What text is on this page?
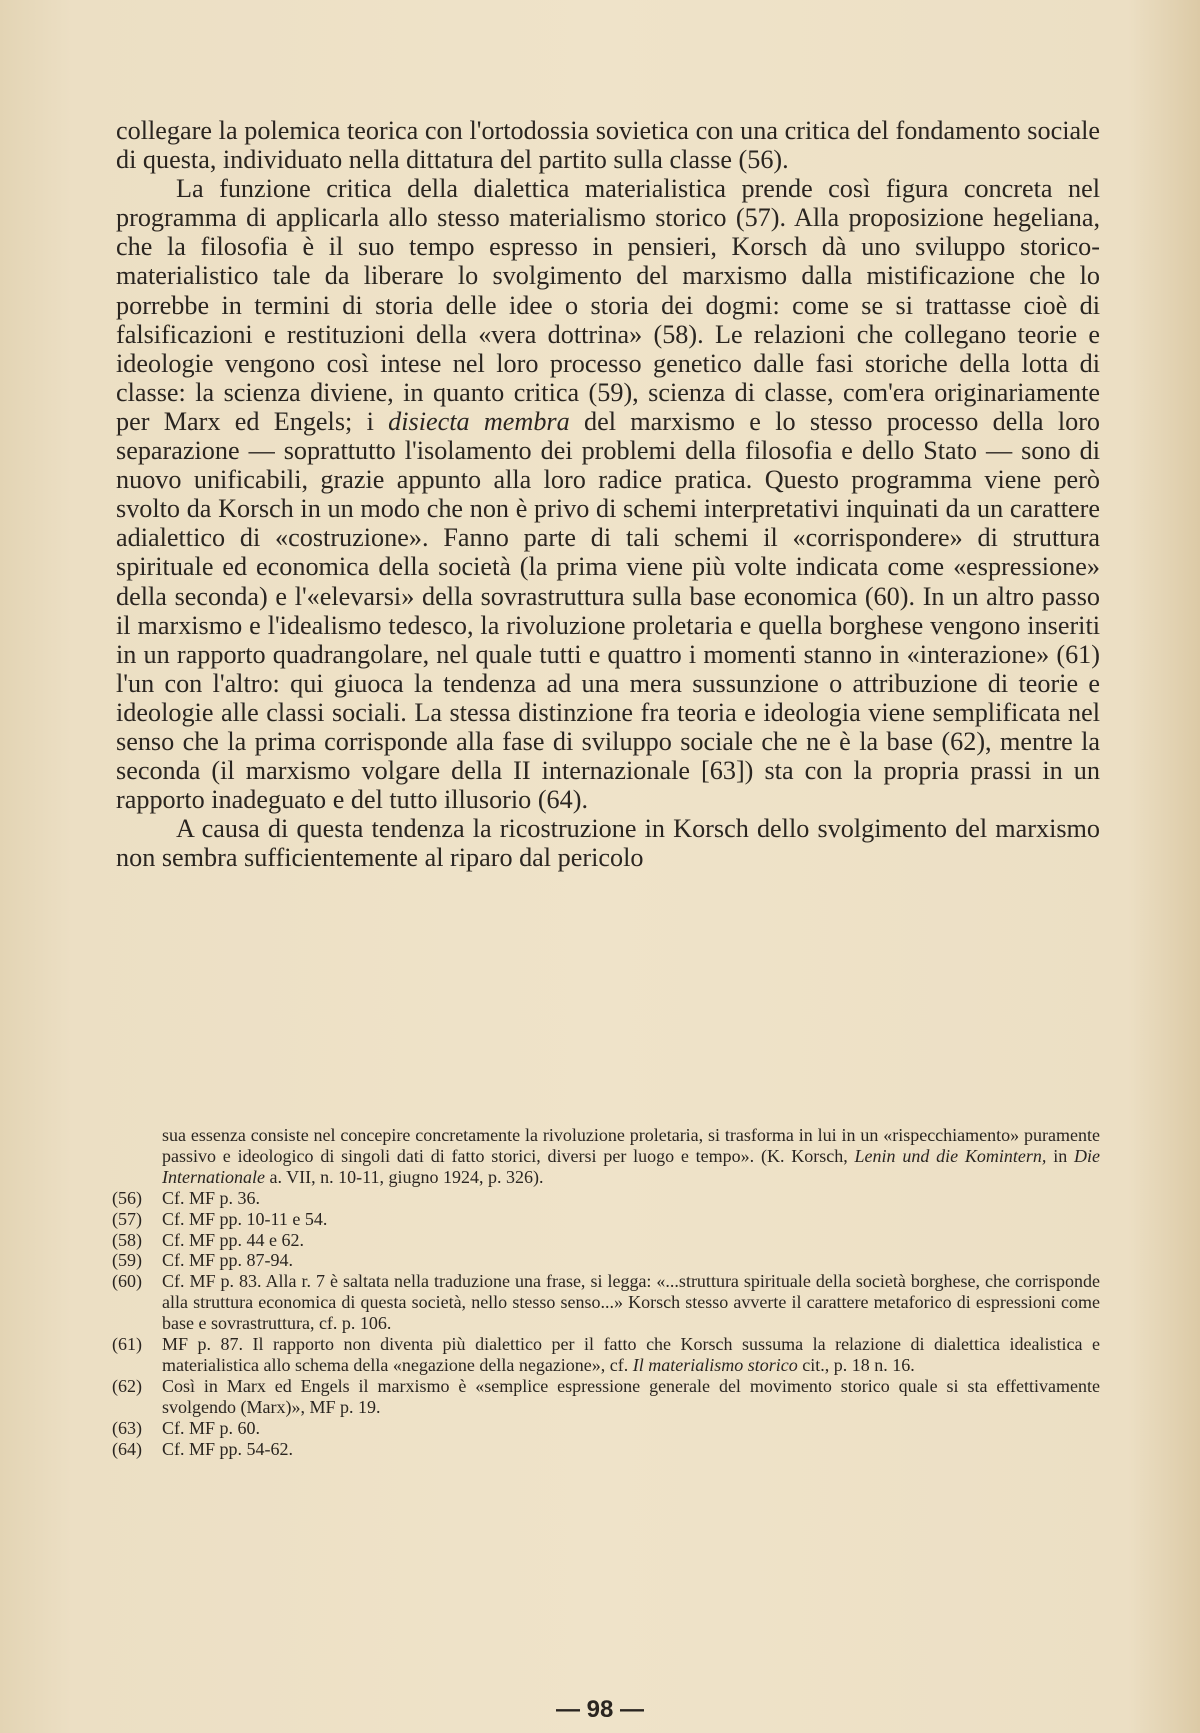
collegare la polemica teorica con l'ortodossia sovietica con una critica del fondamento sociale di questa, individuato nella dittatura del partito sulla classe (56).

La funzione critica della dialettica materialistica prende così figura concreta nel programma di applicarla allo stesso materialismo storico (57). Alla proposizione hegeliana, che la filosofia è il suo tempo espresso in pensieri, Korsch dà uno sviluppo storico-materialistico tale da liberare lo svolgimento del marxismo dalla mistificazione che lo porrebbe in termini di storia delle idee o storia dei dogmi: come se si trattasse cioè di falsificazioni e restituzioni della «vera dottrina» (58). Le relazioni che collegano teorie e ideologie vengono così intese nel loro processo genetico dalle fasi storiche della lotta di classe: la scienza diviene, in quanto critica (59), scienza di classe, com'era originariamente per Marx ed Engels; i disiecta membra del marxismo e lo stesso processo della loro separazione — soprattutto l'isolamento dei problemi della filosofia e dello Stato — sono di nuovo unificabili, grazie appunto alla loro radice pratica. Questo programma viene però svolto da Korsch in un modo che non è privo di schemi interpretativi inquinati da un carattere adialettico di «costruzione». Fanno parte di tali schemi il «corrispondere» di struttura spirituale ed economica della società (la prima viene più volte indicata come «espressione» della seconda) e l'«elevarsi» della sovrastruttura sulla base economica (60). In un altro passo il marxismo e l'idealismo tedesco, la rivoluzione proletaria e quella borghese vengono inseriti in un rapporto quadrangolare, nel quale tutti e quattro i momenti stanno in «interazione» (61) l'un con l'altro: qui giuoca la tendenza ad una mera sussunzione o attribuzione di teorie e ideologie alle classi sociali. La stessa distinzione fra teoria e ideologia viene semplificata nel senso che la prima corrisponde alla fase di sviluppo sociale che ne è la base (62), mentre la seconda (il marxismo volgare della II internazionale [63]) sta con la propria prassi in un rapporto inadeguato e del tutto illusorio (64).

A causa di questa tendenza la ricostruzione in Korsch dello svolgimento del marxismo non sembra sufficientemente al riparo dal pericolo

sua essenza consiste nel concepire concretamente la rivoluzione proletaria, si trasforma in lui in un «rispecchiamento» puramente passivo e ideologico di singoli dati di fatto storici, diversi per luogo e tempo». (K. Korsch, Lenin und die Komintern, in Die Internationale a. VII, n. 10-11, giugno 1924, p. 326).

(56)	Cf. MF p. 36.
(57)	Cf. MF pp. 10-11 e 54.
(58)	Cf. MF pp. 44 e 62.
(59)	Cf. MF pp. 87-94.
(60)	Cf. MF p. 83. Alla r. 7 è saltata nella traduzione una frase, si legga: «...struttura spirituale della società borghese, che corrisponde alla struttura economica di questa società, nello stesso senso...» Korsch stesso avverte il carattere metaforico di espressioni come base e sovrastruttura, cf. p. 106.
(61)	MF p. 87. Il rapporto non diventa più dialettico per il fatto che Korsch sussuma la relazione di dialettica idealistica e materialistica allo schema della «negazione della negazione», cf. Il materialismo storico cit., p. 18 n. 16.
(62)	Così in Marx ed Engels il marxismo è «semplice espressione generale del movimento storico quale si sta effettivamente svolgendo (Marx)», MF p. 19.
(63)	Cf. MF p. 60.
(64)	Cf. MF pp. 54-62.
— 98 —
